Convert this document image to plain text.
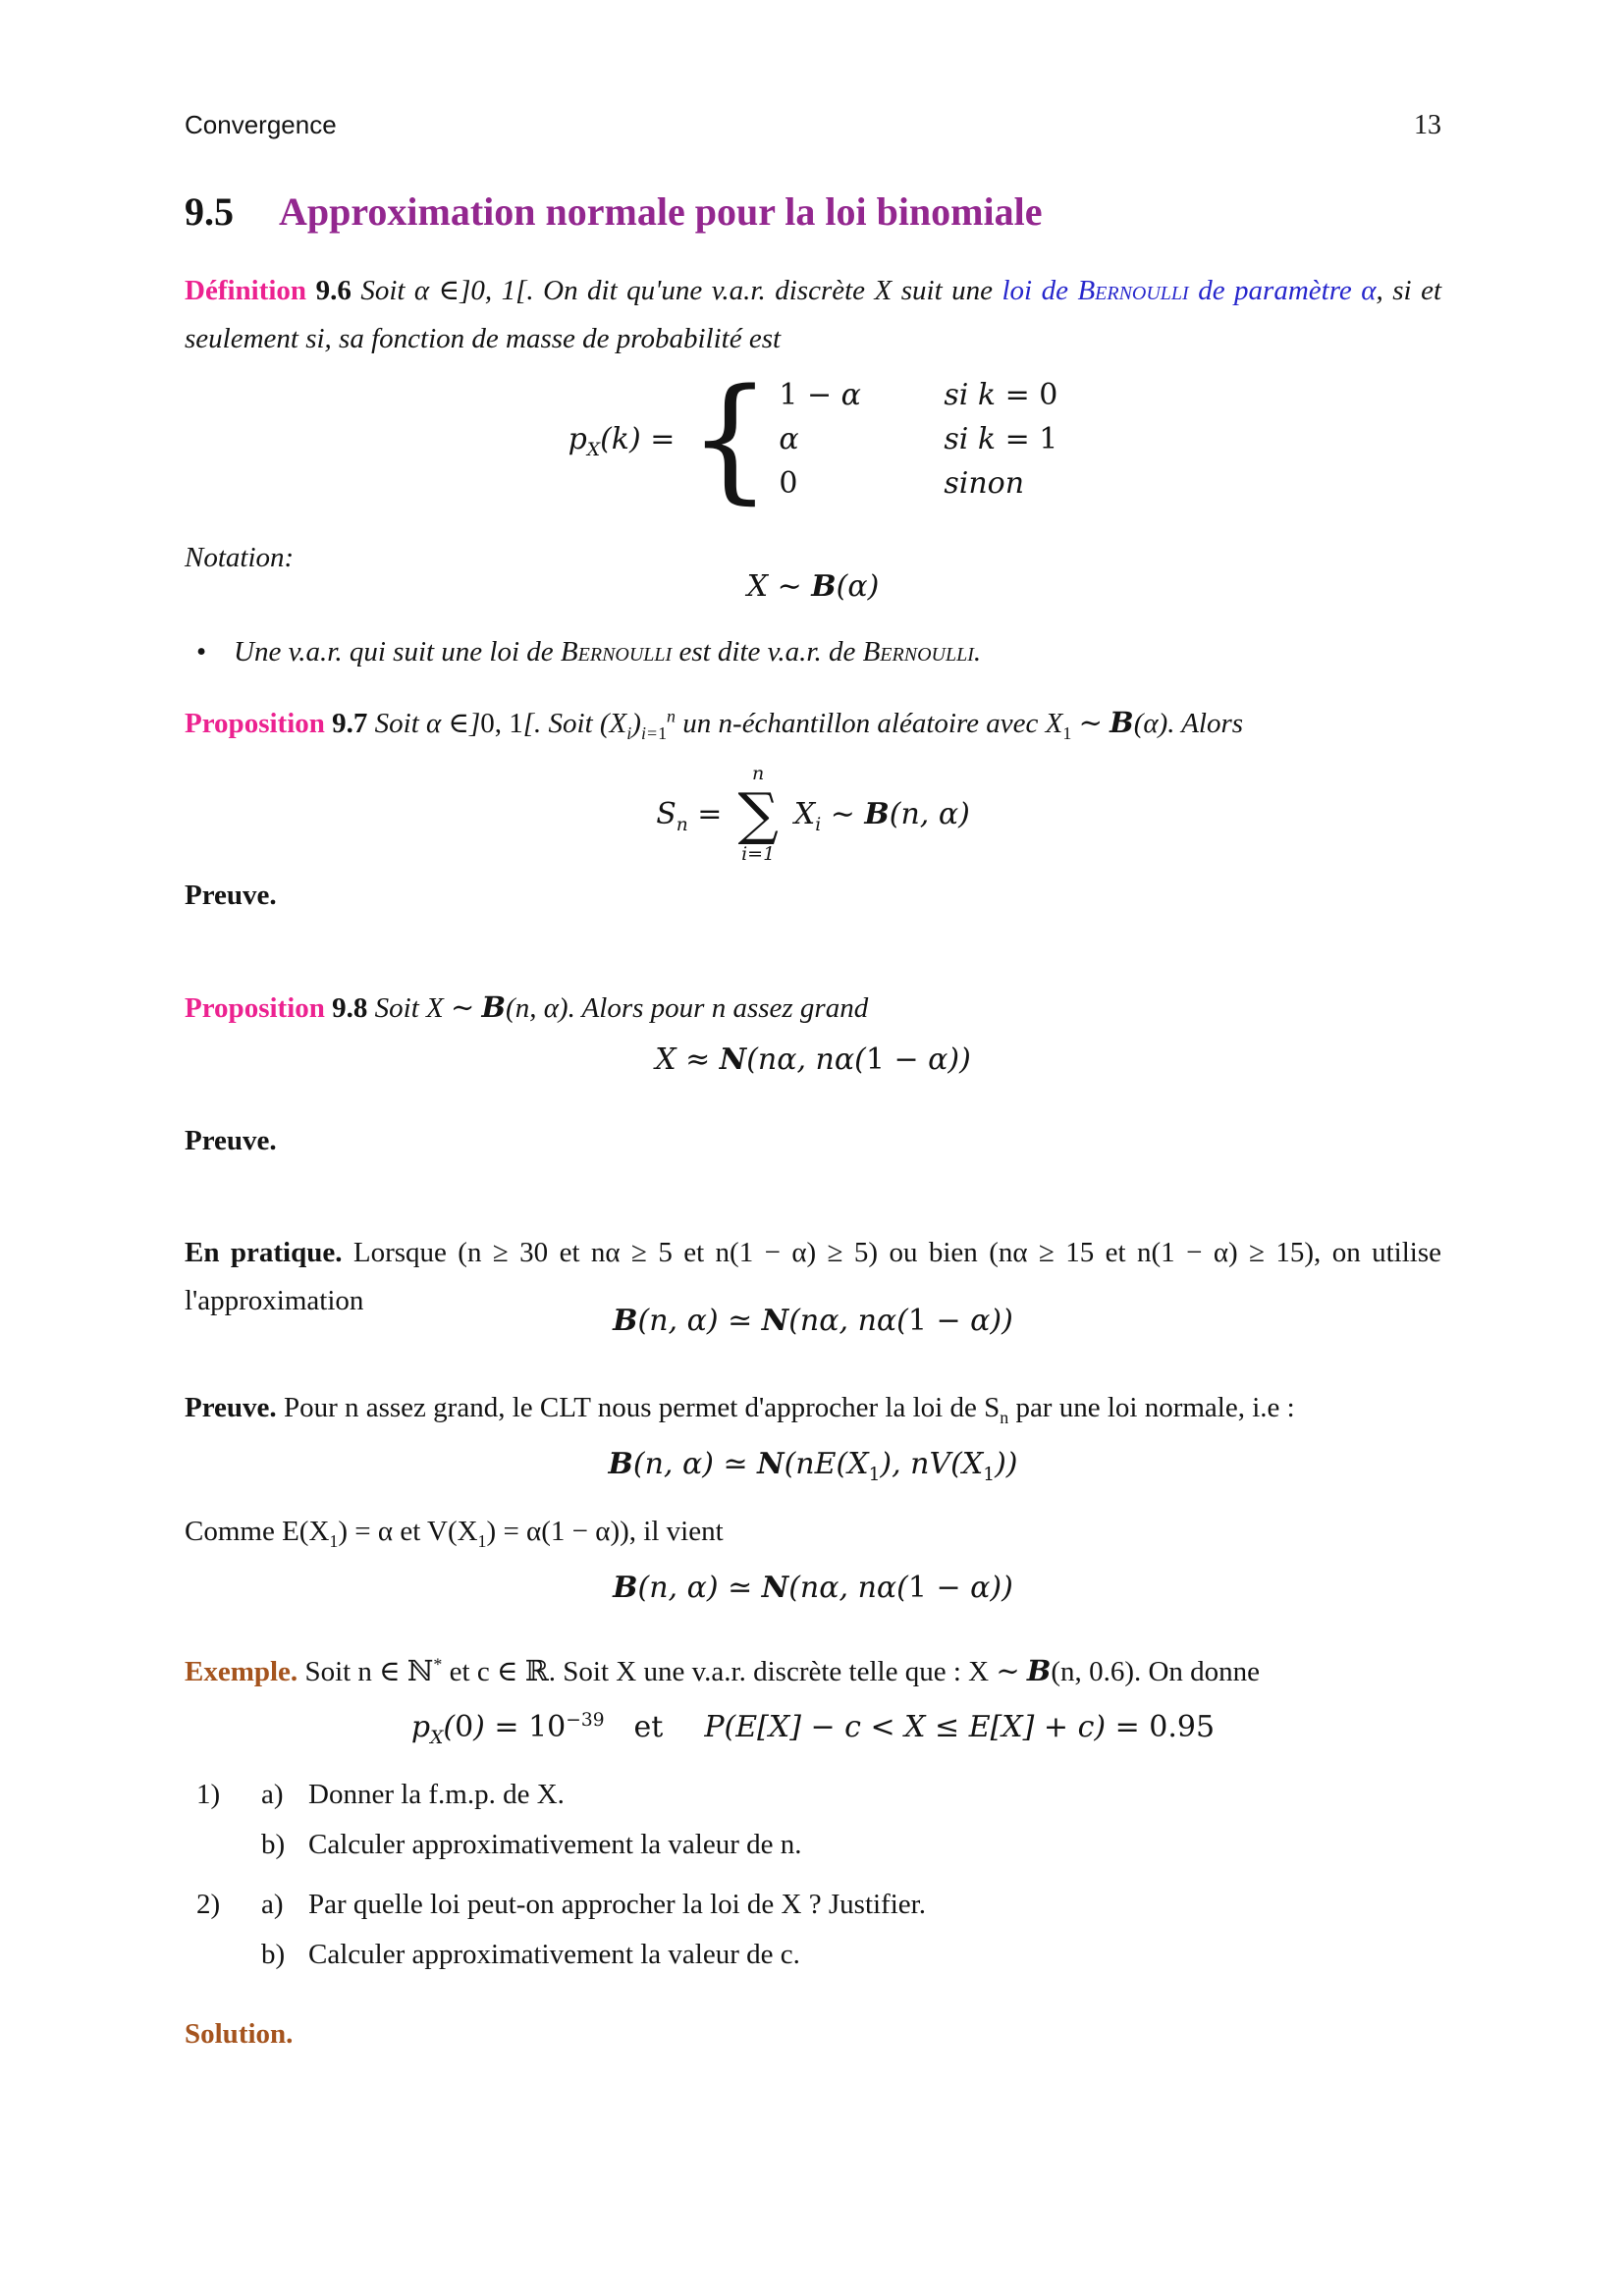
Convergence	13
9.5 Approximation normale pour la loi binomiale
Définition 9.6 Soit α ∈]0, 1[. On dit qu'une v.a.r. discrète X suit une loi de Bernoulli de paramètre α, si et seulement si, sa fonction de masse de probabilité est
$p_X(k)$ =
{
1 − α	si k = 0
α	si k = 1
0	sinon
Notation:
X ∼ B(α)
• Une v.a.r. qui suit une loi de Bernoulli est dite v.a.r. de Bernoulli.
Proposition 9.7 Soit α ∈]0, 1[. Soit $(X_i)_{i=1}^n$ un n-échantillon aléatoire avec $X_1$ ∼ B(α). Alors
$S_n$ =
n
∑
i=1
$X_i$ ∼ B(n, α)
Preuve.
Proposition 9.8 Soit X ∼ B(n, α). Alors pour n assez grand
X ≈ N(nα, nα(1 − α))
Preuve.
En pratique. Lorsque (n ≥ 30 et nα ≥ 5 et n(1 − α) ≥ 5) ou bien (nα ≥ 15 et n(1 − α) ≥ 15), on utilise l'approximation
B(n, α) ≃ N(nα, nα(1 − α))
Preuve. Pour n assez grand, le CLT nous permet d'approcher la loi de $S_n$ par une loi normale, i.e :
B(n, α) ≃ $N(nE(X_1)$, $nV(X_1)$)
Comme $E(X_1) = \alpha$ et $V(X_1) = \alpha(1 - \alpha)$), il vient
B(n, α) ≃ N(nα, nα(1 − α))
Exemple. Soit n ∈ ℕ* et c ∈ ℝ. Soit X une v.a.r. discrète telle que : X ∼ B(n, 0.6). On donne
$p_X(0) = 10^{-39}$ et P(E[X] − c < X ≤ E[X] + c) = 0.95
1)	a) Donner la f.m.p. de X.
b) Calculer approximativement la valeur de n.
2)	a) Par quelle loi peut-on approcher la loi de X ? Justifier.
b) Calculer approximativement la valeur de c.
Solution.
